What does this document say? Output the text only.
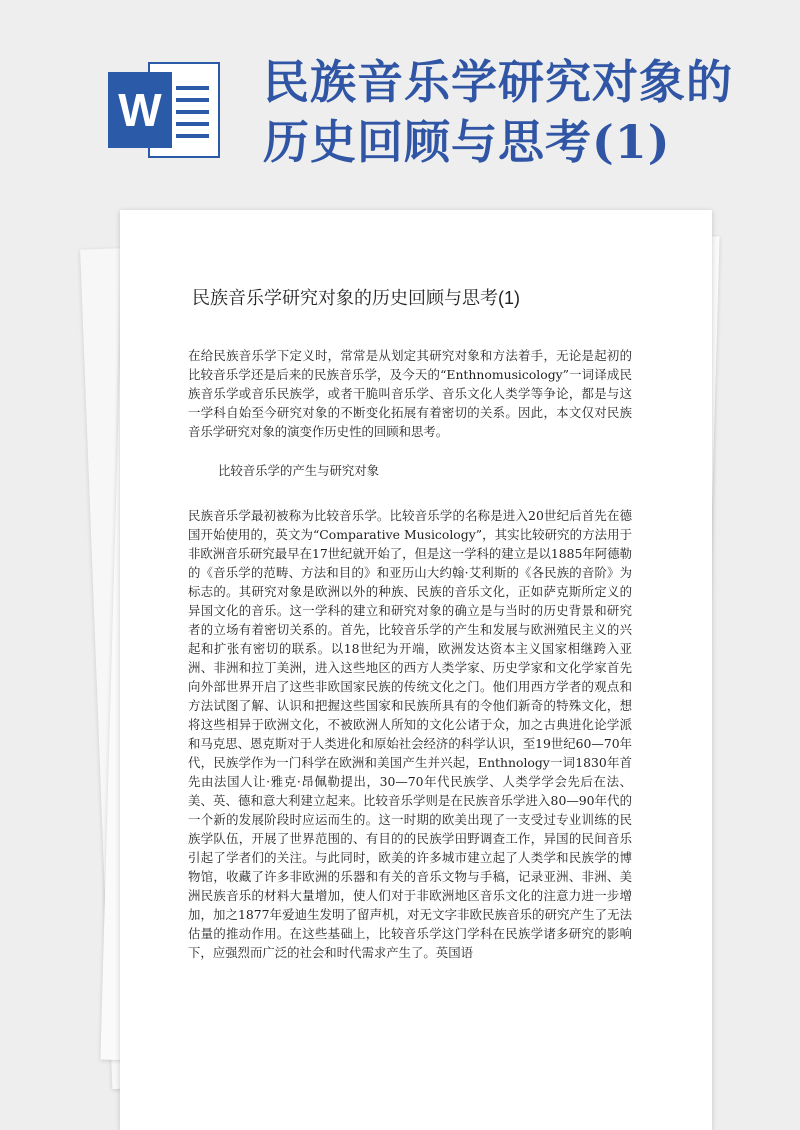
W
民族音乐学研究对象的历史回顾与思考(1)
民族音乐学研究对象的历史回顾与思考(1)

在给民族音乐学下定义时，常常是从划定其研究对象和方法着手，无论是起初的比较音乐学还是后来的民族音乐学，及今天的“Enthnomusicology”一词译成民族音乐学或音乐民族学，或者干脆叫音乐学、音乐文化人类学等争论，都是与这一学科自始至今研究对象的不断变化拓展有着密切的关系。因此，本文仅对民族音乐学研究对象的演变作历史性的回顾和思考。

比较音乐学的产生与研究对象

民族音乐学最初被称为比较音乐学。比较音乐学的名称是进入20世纪后首先在德国开始使用的，英文为“Comparative Musicology”，其实比较研究的方法用于非欧洲音乐研究最早在17世纪就开始了，但是这一学科的建立是以1885年阿德勒的《音乐学的范畴、方法和目的》和亚历山大约翰·艾利斯的《各民族的音阶》为标志的。其研究对象是欧洲以外的种族、民族的音乐文化，正如萨克斯所定义的异国文化的音乐。这一学科的建立和研究对象的确立是与当时的历史背景和研究者的立场有着密切关系的。首先，比较音乐学的产生和发展与欧洲殖民主义的兴起和扩张有密切的联系。以18世纪为开端，欧洲发达资本主义国家相继跨入亚洲、非洲和拉丁美洲，进入这些地区的西方人类学家、历史学家和文化学家首先向外部世界开启了这些非欧国家民族的传统文化之门。他们用西方学者的观点和方法试图了解、认识和把握这些国家和民族所具有的令他们新奇的特殊文化，想将这些相异于欧洲文化，不被欧洲人所知的文化公诸于众，加之古典进化论学派和马克思、恩克斯对于人类进化和原始社会经济的科学认识，至19世纪60—70年代，民族学作为一门科学在欧洲和美国产生并兴起，Enthnology一词1830年首先由法国人让·雅克·昂佩勒提出，30—70年代民族学、人类学学会先后在法、美、英、德和意大利建立起来。比较音乐学则是在民族音乐学进入80—90年代的一个新的发展阶段时应运而生的。这一时期的欧美出现了一支受过专业训练的民族学队伍，开展了世界范围的、有目的的民族学田野调查工作，异国的民间音乐引起了学者们的关注。与此同时，欧美的许多城市建立起了人类学和民族学的博物馆，收藏了许多非欧洲的乐器和有关的音乐文物与手稿，记录亚洲、非洲、美洲民族音乐的材料大量增加，使人们对于非欧洲地区音乐文化的注意力进一步增加，加之1877年爱迪生发明了留声机，对无文字非欧民族音乐的研究产生了无法估量的推动作用。在这些基础上，比较音乐学这门学科在民族学诸多研究的影响下，应强烈而广泛的社会和时代需求产生了。英国语
